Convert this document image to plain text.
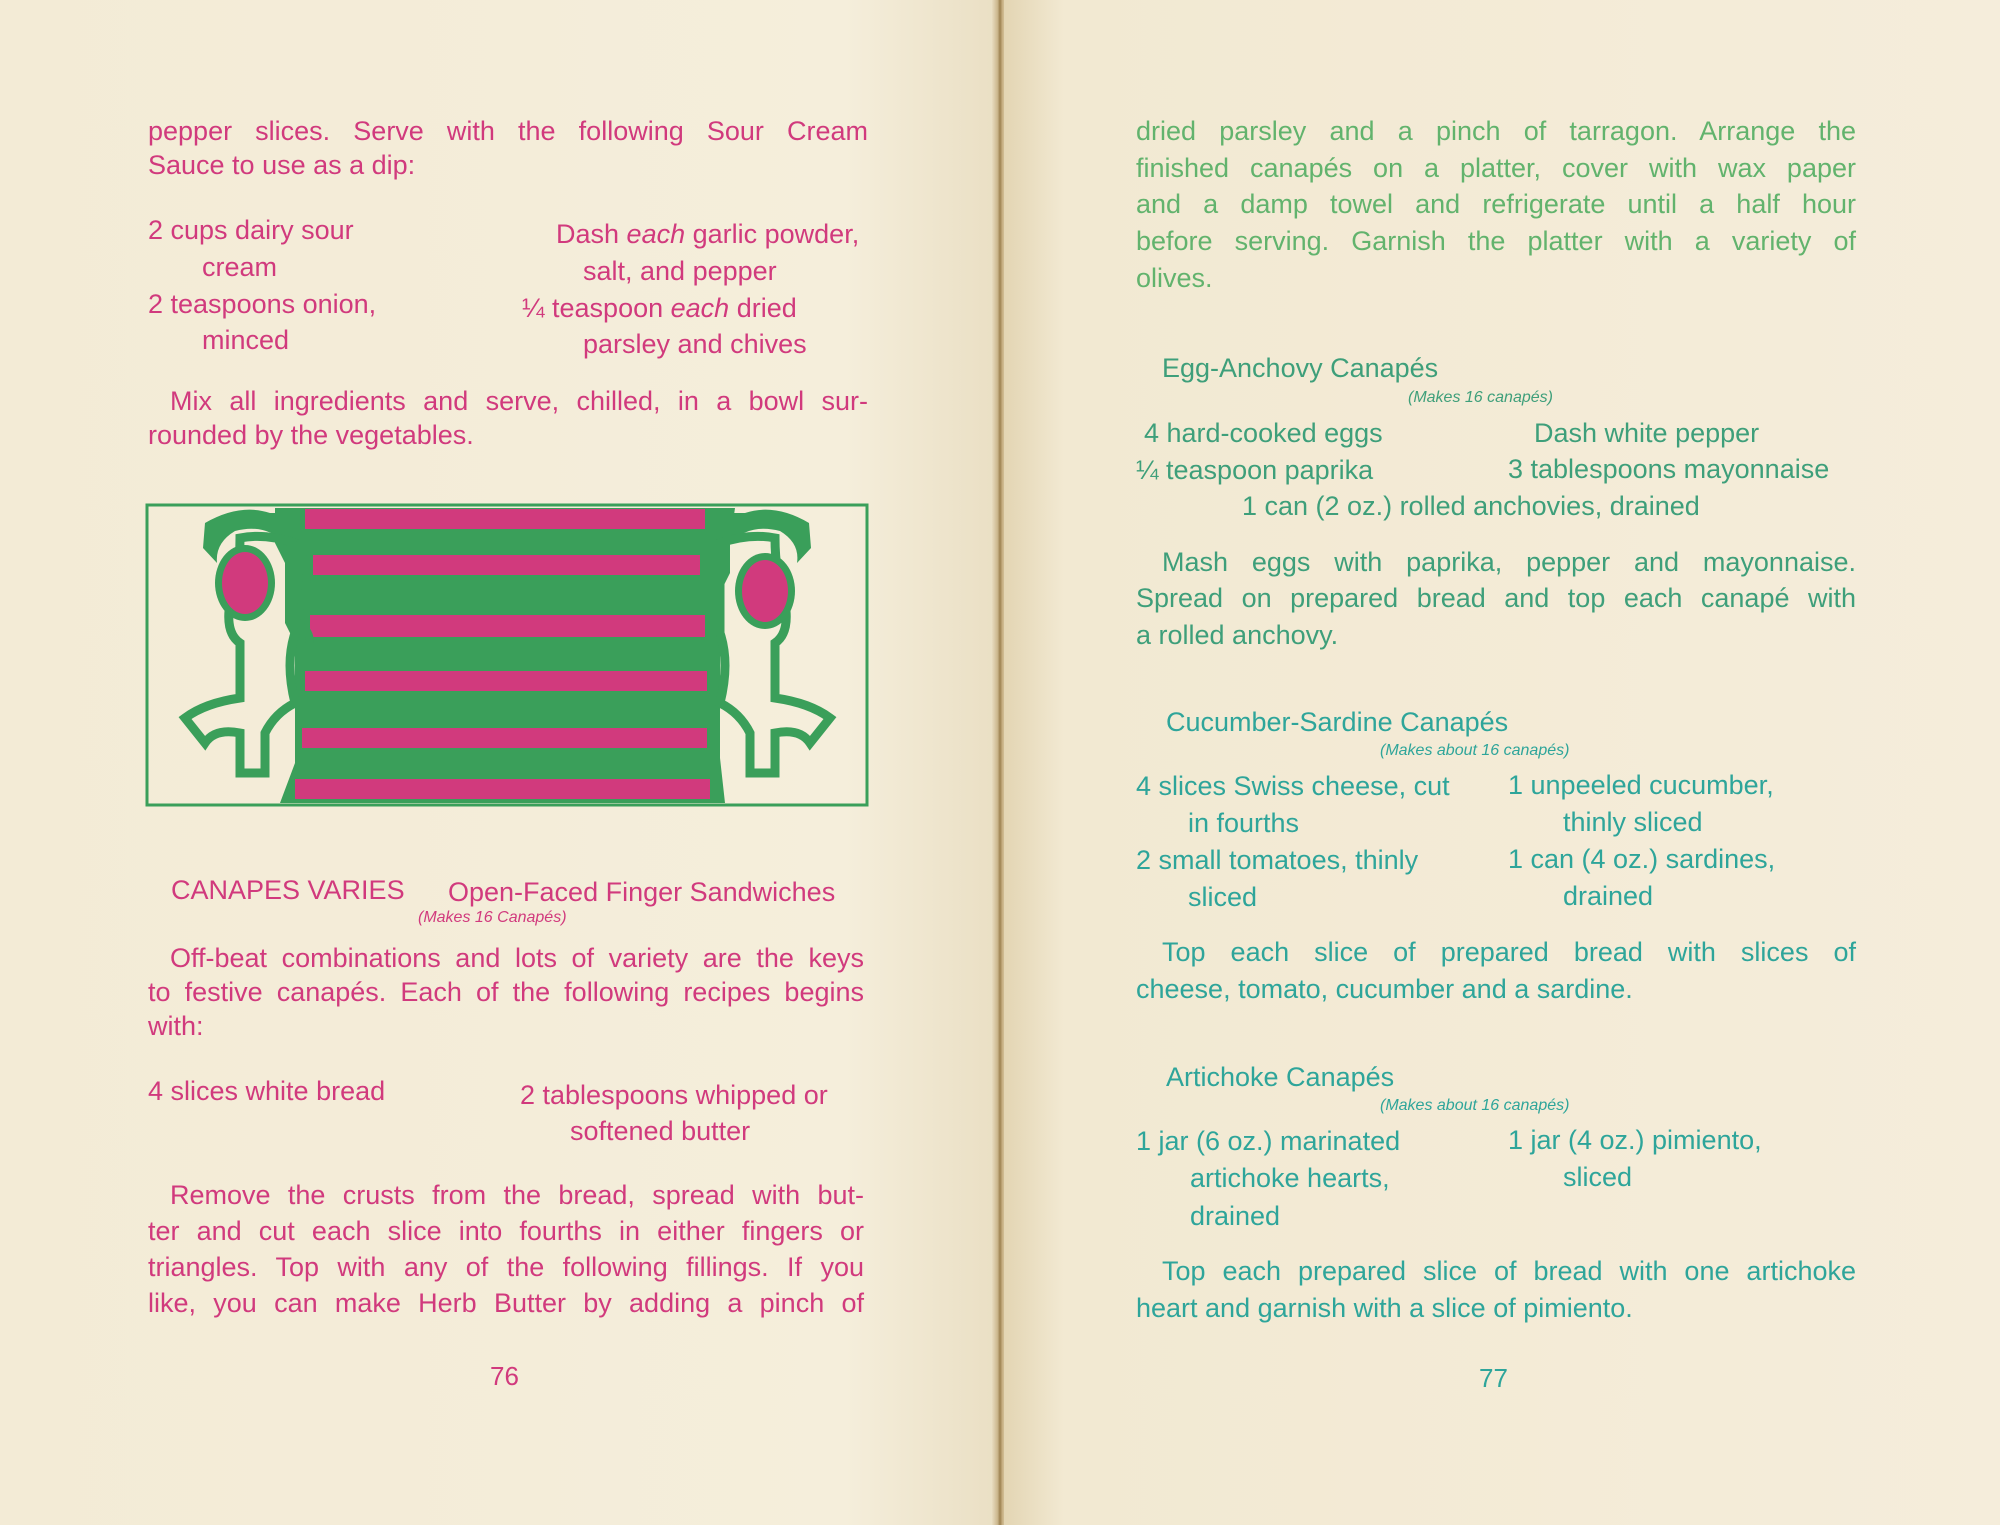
pepper slices. Serve with the following Sour Cream

Sauce to use as a dip:

2 cups dairy sour

cream

2 teaspoons onion,

minced

Dash each garlic powder,

salt, and pepper

¼ teaspoon each dried

parsley and chives

Mix all ingredients and serve, chilled, in a bowl sur-

rounded by the vegetables.

CANAPES VARIES Open-Faced Finger Sandwiches

(Makes 16 Canapés)

Off-beat combinations and lots of variety are the keys

to festive canapés. Each of the following recipes begins

with:

4 slices white bread	2 tablespoons whipped or

softened butter

Remove the crusts from the bread, spread with but-

ter and cut each slice into fourths in either fingers or

triangles. Top with any of the following fillings. If you

like, you can make Herb Butter by adding a pinch of

76

dried parsley and a pinch of tarragon. Arrange the

finished canapés on a platter, cover with wax paper

and a damp towel and refrigerate until a half hour

before serving. Garnish the platter with a variety of

olives.

Egg-Anchovy Canapés

(Makes 16 canapés)

4 hard-cooked eggs

¼ teaspoon paprika

Dash white pepper

3 tablespoons mayonnaise

1 can (2 oz.) rolled anchovies, drained

Mash eggs with paprika, pepper and mayonnaise.

Spread on prepared bread and top each canapé with

a rolled anchovy.

Cucumber-Sardine Canapés

(Makes about 16 canapés)

4 slices Swiss cheese, cut

in fourths

2 small tomatoes, thinly

sliced

1 unpeeled cucumber,

thinly sliced

1 can (4 oz.) sardines,

drained

Top each slice of prepared bread with slices of

cheese, tomato, cucumber and a sardine.

Artichoke Canapés

(Makes about 16 canapés)

1 jar (6 oz.) marinated

artichoke hearts,

drained

1 jar (4 oz.) pimiento,

sliced

Top each prepared slice of bread with one artichoke

heart and garnish with a slice of pimiento.

77
